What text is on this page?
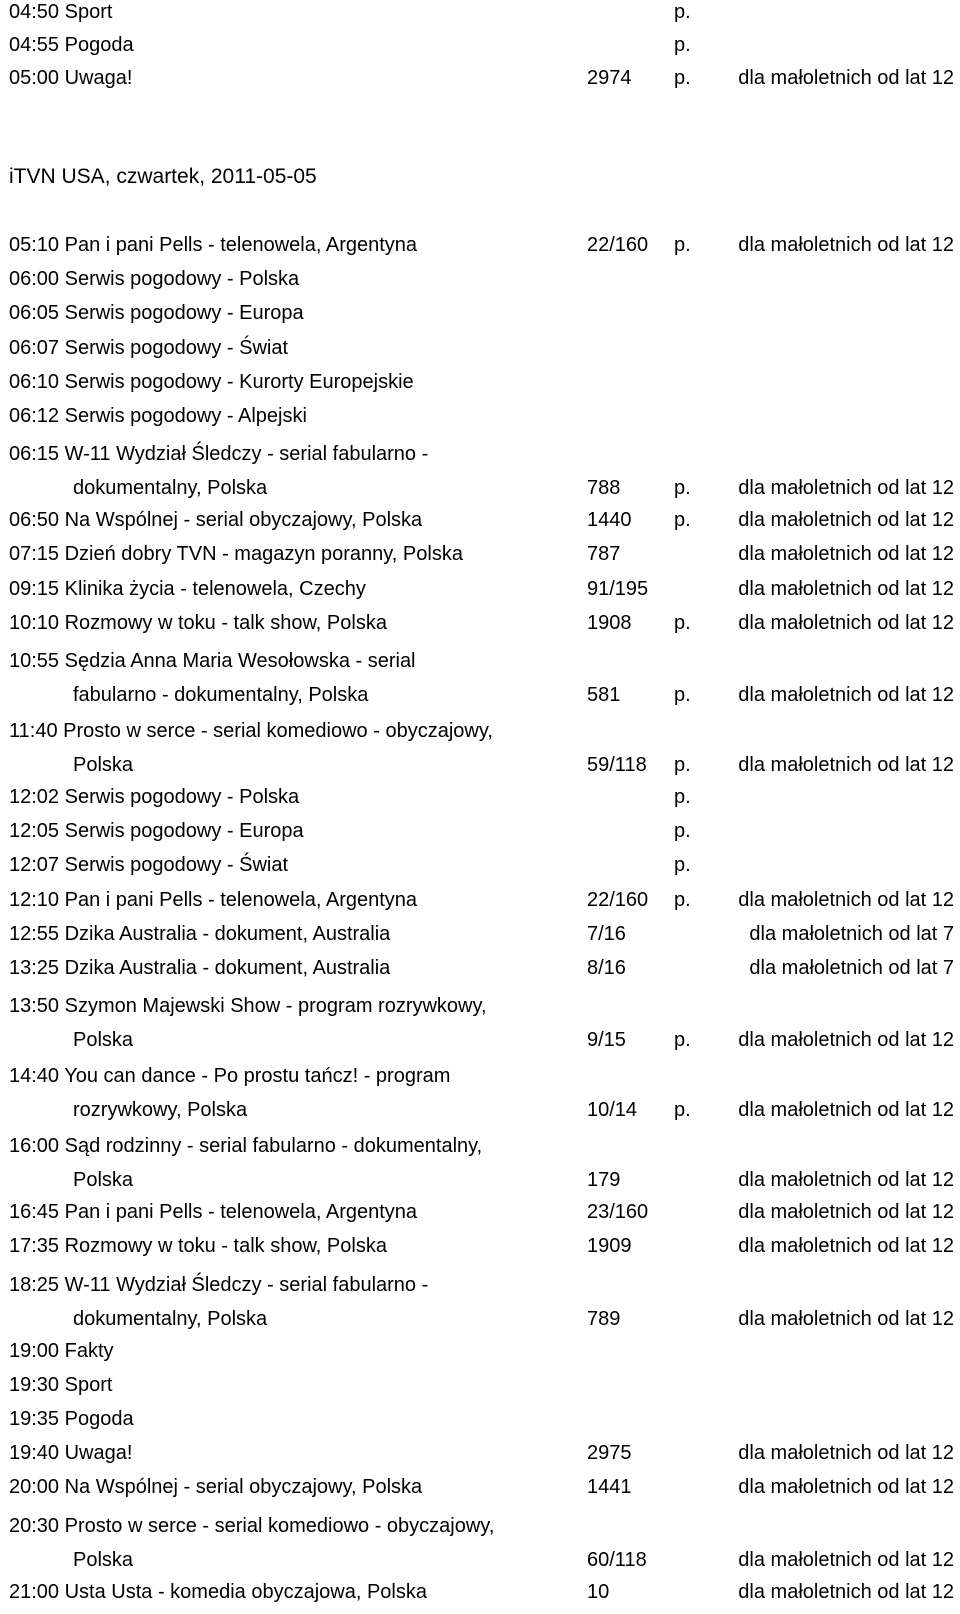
04:50 Sport	p.
04:55 Pogoda	p.
05:00 Uwaga!	2974 p. dla małoletnich od lat 12
iTVN USA, czwartek, 2011-05-05
05:10 Pan i pani Pells - telenowela, Argentyna	22/160 p. dla małoletnich od lat 12
06:00 Serwis pogodowy - Polska
06:05 Serwis pogodowy - Europa
06:07 Serwis pogodowy - Świat
06:10 Serwis pogodowy - Kurorty Europejskie
06:12 Serwis pogodowy - Alpejski
06:15 W-11 Wydział Śledczy - serial fabularno -
dokumentalny, Polska	788	p. dla małoletnich od lat 12
06:50 Na Wspólnej - serial obyczajowy, Polska	1440 p. dla małoletnich od lat 12
07:15 Dzień dobry TVN - magazyn poranny, Polska	787	dla małoletnich od lat 12
09:15 Klinika życia - telenowela, Czechy	91/195	dla małoletnich od lat 12
10:10 Rozmowy w toku - talk show, Polska	1908 p. dla małoletnich od lat 12
10:55 Sędzia Anna Maria Wesołowska - serial
fabularno - dokumentalny, Polska	581	p. dla małoletnich od lat 12
11:40 Prosto w serce - serial komediowo - obyczajowy,
Polska	59/118 p. dla małoletnich od lat 12
12:02 Serwis pogodowy - Polska	p.
12:05 Serwis pogodowy - Europa	p.
12:07 Serwis pogodowy - Świat	p.
12:10 Pan i pani Pells - telenowela, Argentyna	22/160 p. dla małoletnich od lat 12
12:55 Dzika Australia - dokument, Australia	7/16	dla małoletnich od lat 7
13:25 Dzika Australia - dokument, Australia	8/16	dla małoletnich od lat 7
13:50 Szymon Majewski Show - program rozrywkowy,
Polska	9/15 p. dla małoletnich od lat 12
14:40 You can dance - Po prostu tańcz! - program
rozrywkowy, Polska	10/14 p. dla małoletnich od lat 12
16:00 Sąd rodzinny - serial fabularno - dokumentalny,
Polska	179	dla małoletnich od lat 12
16:45 Pan i pani Pells - telenowela, Argentyna	23/160	dla małoletnich od lat 12
17:35 Rozmowy w toku - talk show, Polska	1909	dla małoletnich od lat 12
18:25 W-11 Wydział Śledczy - serial fabularno -
dokumentalny, Polska	789	dla małoletnich od lat 12
19:00 Fakty
19:30 Sport
19:35 Pogoda
19:40 Uwaga!	2975	dla małoletnich od lat 12
20:00 Na Wspólnej - serial obyczajowy, Polska	1441	dla małoletnich od lat 12
20:30 Prosto w serce - serial komediowo - obyczajowy,
Polska	60/118	dla małoletnich od lat 12
21:00 Usta Usta - komedia obyczajowa, Polska	10	dla małoletnich od lat 12
